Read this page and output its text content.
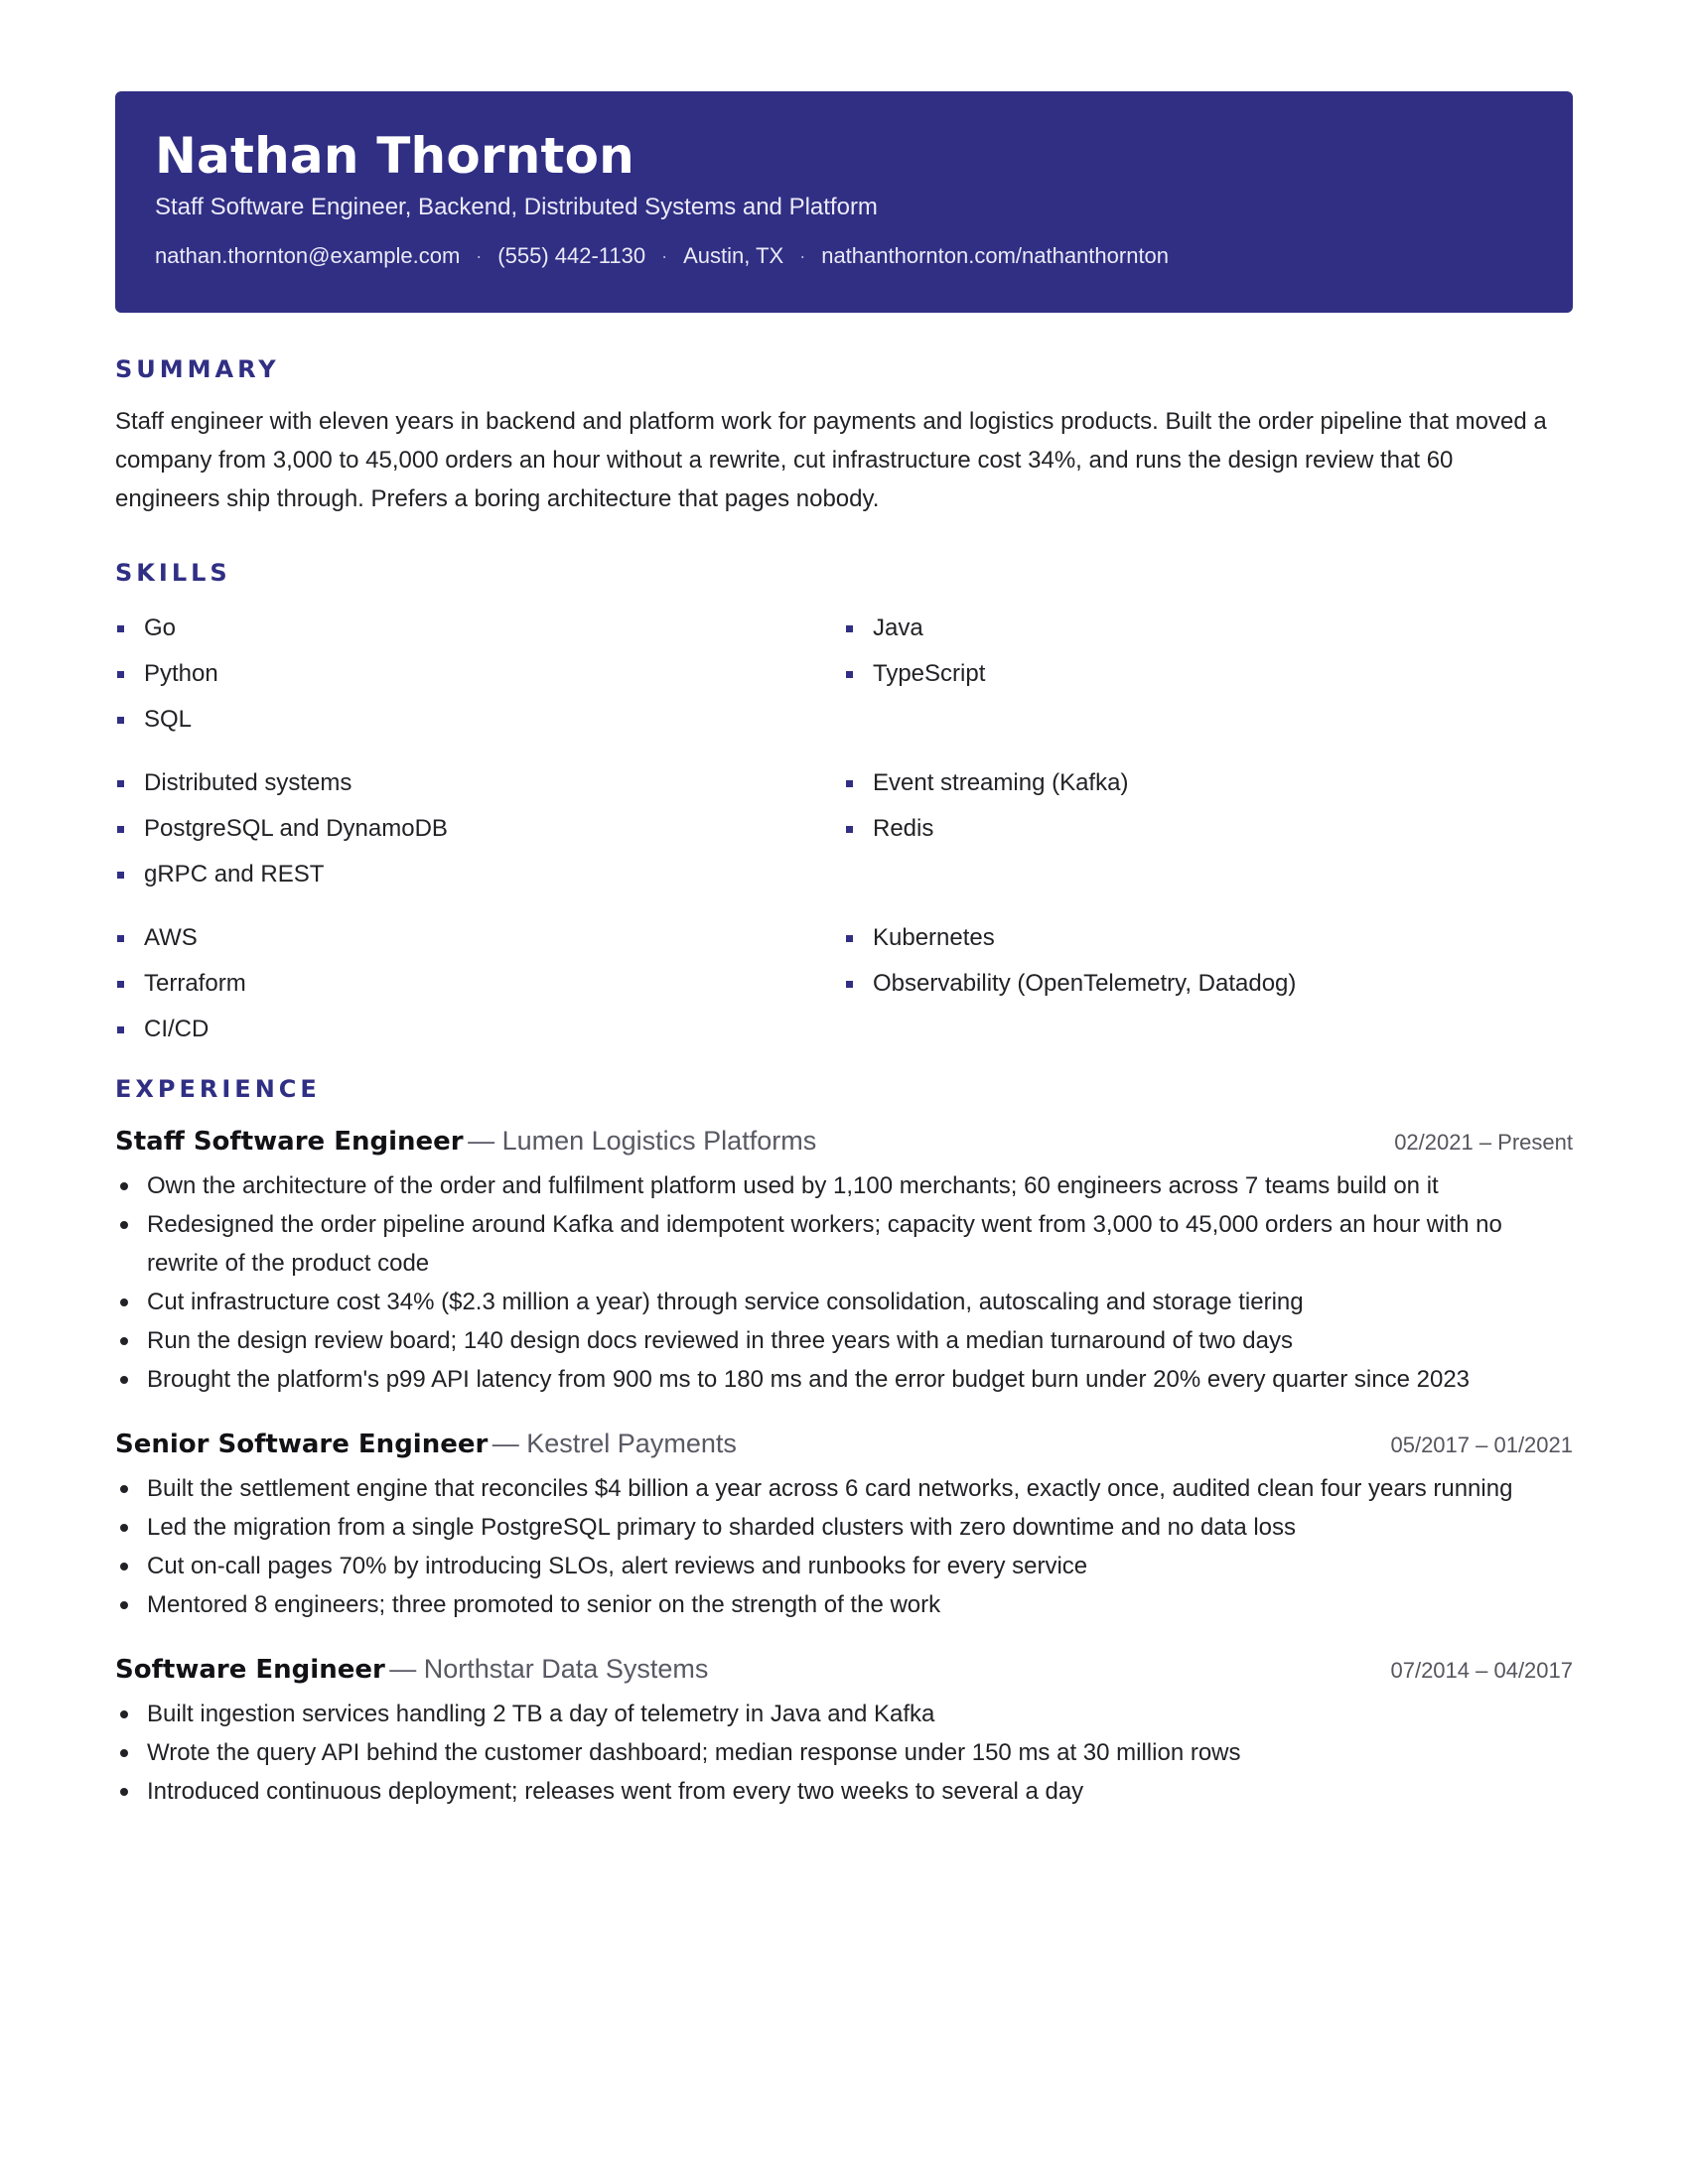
Nathan Thornton
Staff Software Engineer, Backend, Distributed Systems and Platform
nathan.thornton@example.com · (555) 442-1130 · Austin, TX · nathanthornton.com/nathanthornton
SUMMARY
Staff engineer with eleven years in backend and platform work for payments and logistics products. Built the order pipeline that moved a company from 3,000 to 45,000 orders an hour without a rewrite, cut infrastructure cost 34%, and runs the design review that 60 engineers ship through. Prefers a boring architecture that pages nobody.
SKILLS
Go
Python
SQL
Java
TypeScript
Distributed systems
PostgreSQL and DynamoDB
gRPC and REST
Event streaming (Kafka)
Redis
AWS
Terraform
CI/CD
Kubernetes
Observability (OpenTelemetry, Datadog)
EXPERIENCE
Staff Software Engineer — Lumen Logistics Platforms	02/2021 – Present
Own the architecture of the order and fulfilment platform used by 1,100 merchants; 60 engineers across 7 teams build on it
Redesigned the order pipeline around Kafka and idempotent workers; capacity went from 3,000 to 45,000 orders an hour with no rewrite of the product code
Cut infrastructure cost 34% ($2.3 million a year) through service consolidation, autoscaling and storage tiering
Run the design review board; 140 design docs reviewed in three years with a median turnaround of two days
Brought the platform's p99 API latency from 900 ms to 180 ms and the error budget burn under 20% every quarter since 2023
Senior Software Engineer — Kestrel Payments	05/2017 – 01/2021
Built the settlement engine that reconciles $4 billion a year across 6 card networks, exactly once, audited clean four years running
Led the migration from a single PostgreSQL primary to sharded clusters with zero downtime and no data loss
Cut on-call pages 70% by introducing SLOs, alert reviews and runbooks for every service
Mentored 8 engineers; three promoted to senior on the strength of the work
Software Engineer — Northstar Data Systems	07/2014 – 04/2017
Built ingestion services handling 2 TB a day of telemetry in Java and Kafka
Wrote the query API behind the customer dashboard; median response under 150 ms at 30 million rows
Introduced continuous deployment; releases went from every two weeks to several a day
